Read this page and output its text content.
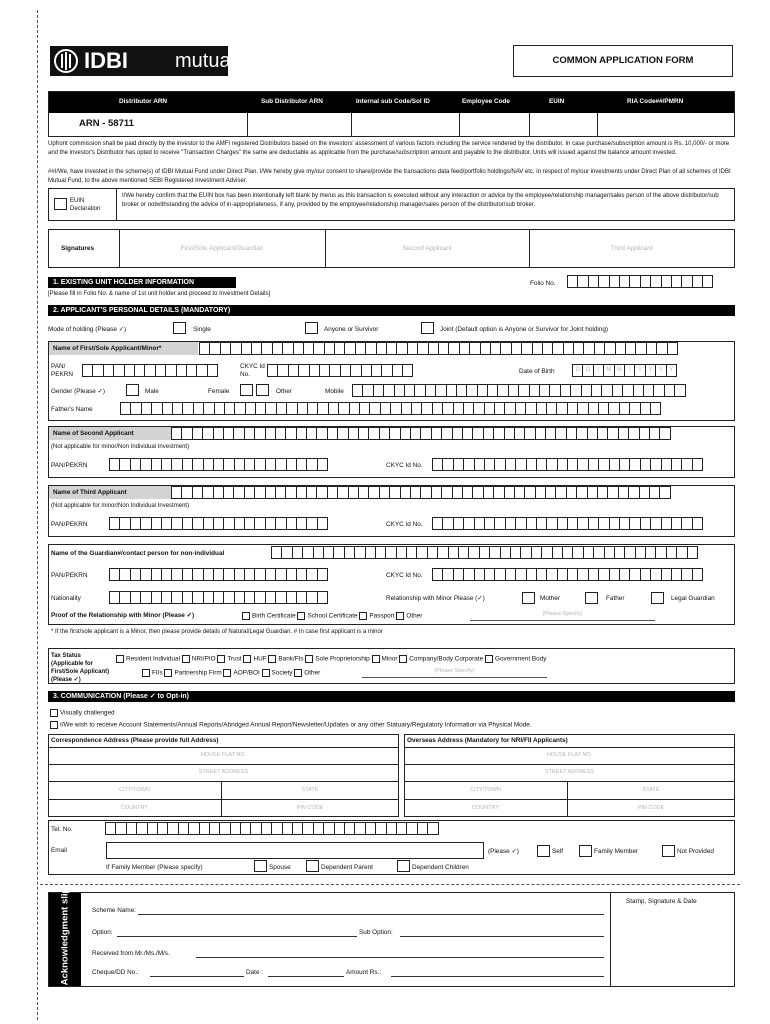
IDBI mutual	COMMON APPLICATION FORM
Distributor ARN	Sub Distributor ARN	Internal sub Code/Sol ID	Employee Code	EUIN	RIA Code##/PMRN
ARN - 58711
Upfront commission shall be paid directly by the investor to the AMFI registered Distributors based on the investors' assessment of various factors including the service rendered by the distributor. In case purchase/subscription amount is Rs. 10,000/- or more and the investor's Distributor has opted to receive "Transaction Charges" the same are deductable as applicable from the purchase/subscription amount and payable to the distributor. Units will issued against the balance amount invested.
##I/We, have invested in the scheme(s) of IDBI Mutual Fund under Direct Plan. I/We hereby give my/our consent to share/provide the transactions data feed/portfolio holdings/NAV etc. in respect of my/our investments under Direct Plan of all schemes of IDBI Mutual Fund, to the above mentioned SEBI Registered Investment Adviser.
EUIN Declaration
I/We hereby confirm that the EUIN box has been intentionally left blank by me/us as this transaction is executed without any interaction or advice by the employee/relationship manager/sales person of the above distributor/sub broker or notwithstanding the advice of in-appropriateness, if any, provided by the employee/relationship manager/sales person of the distributor/sub broker.
Signatures	First/Sole Applicant/Guardian	Second Applicant	Third Applicant
1. EXISTING UNIT HOLDER INFORMATION
[Please fill in Folio No. & name of 1st unit holder and proceed to Investment Details]
Folio No.
2. APPLICANT'S PERSONAL DETAILS (MANDATORY)
Mode of holding (Please ✓)	Single	Anyone or Survivor	Joint (Default option is Anyone or Survivor for Joint holding)
Name of First/Sole Applicant/Minor*
PAN/ PEKRN
CKYC Id No.	Date of Birth	D	D	/	M M	/	Y	Y	Y	Y
Gender (Please ✓)	Male	Female	Other	Mobile
Father's Name
Name of Second Applicant
(Not applicable for minor/Non Individual Investment)
PAN/PEKRN	CKYC Id No.
Name of Third Applicant
(Not applicable for minor/Non Individual Investment)
PAN/PEKRN	CKYC Id No.
Name of the Guardian#/contact person for non-individual
PAN/PEKRN	CKYC Id No.
Nationality	Relationship with Minor Please (✓)	Mother	Father	Legal Guardian
Proof of the Relationship with Minor (Please ✓)	Birth Certificate School Certificate Passport Other	(Please Specify)
* If the first/sole applicant is a Minor, then please provide details of Natural/Legal Guardian. # In case first applicant is a minor
Tax Status (Applicable for First/Sole Applicant) (Please ✓)
Resident Individual NRI/PIO Trust HUF Bank/FIs Sole Proprietorship Minor Company/Body Corporate Government Body
FIIs Partnership Firm AOP/BOI Society Other	(Please Specify)
3. COMMUNICATION (Please ✓ to Opt-in)
Visually challenged
I/We wish to receive Account Statements/Annual Reports/Abridged Annual Report/Newsletter/Updates or any other Statuary/Regulatory Information via Physical Mode.
Correspondence Address (Please provide full Address)
HOUSE FLAT NO.
STREET ADDRESS
CITY/TOWN	STATE
COUNTRY	PIN CODE
Overseas Address (Mandatory for NRI/FII Applicants)
HOUSE FLAT NO.
STREET ADDRESS
CITY/TOWN	STATE
COUNTRY	PIN CODE
Tel. No.
Email	(Please ✓)	Self	Family Member	Not Provided
If Family Member (Please specify)	Spouse	Dependent Parent	Dependent Children
Acknowledgment slip	Stamp, Signature & Date
Scheme Name:
Option:	Sub Option:
Received from Mr./Ms./M/s.
Cheque/DD No.:	Date :	Amount Rs.:
